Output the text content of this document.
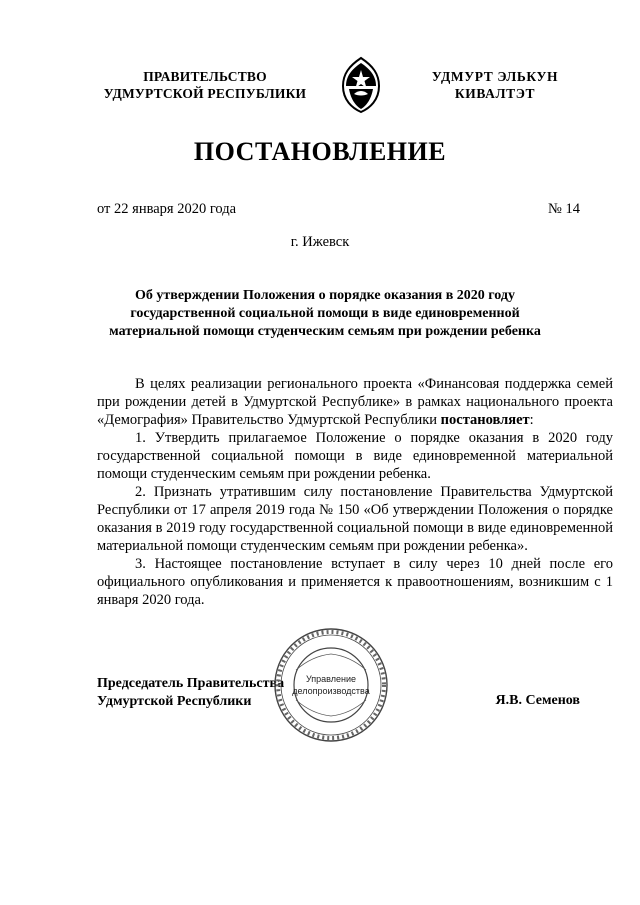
ПРАВИТЕЛЬСТВО
УДМУРТСКОЙ РЕСПУБЛИКИ
УДМУРТ ЭЛЬКУН
КИВАЛТЭТ
ПОСТАНОВЛЕНИЕ
от 22 января 2020 года	№ 14
г. Ижевск
Об утверждении Положения о порядке оказания в 2020 году
государственной социальной помощи в виде единовременной
материальной помощи студенческим семьям при рождении ребенка

В целях реализации регионального проекта «Финансовая поддержка семей при рождении детей в Удмуртской Республике» в рамках национального проекта «Демография» Правительство Удмуртской Республики постановляет:

1. Утвердить прилагаемое Положение о порядке оказания в 2020 году государственной социальной помощи в виде единовременной материальной помощи студенческим семьям при рождении ребенка.

2. Признать утратившим силу постановление Правительства Удмуртской Республики от 17 апреля 2019 года № 150 «Об утверждении Положения о порядке оказания в 2019 году государственной социальной помощи в виде единовременной материальной помощи студенческим семьям при рождении ребенка».

3. Настоящее постановление вступает в силу через 10 дней после его официального опубликования и применяется к правоотношениям, возникшим с 1 января 2020 года.

Председатель Правительства
Удмуртской Республики	Я.В. Семенов
Управление
делопроизводства
